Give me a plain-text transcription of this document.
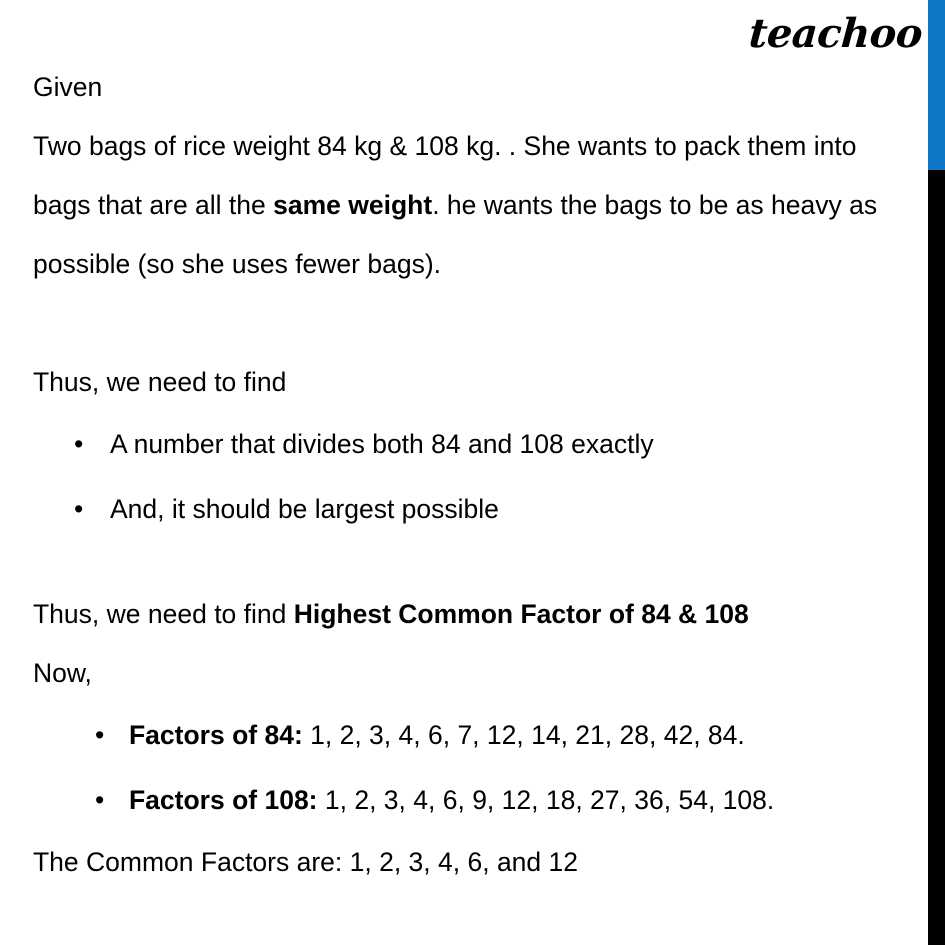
teachoo
Given
Two bags of rice weight 84 kg & 108 kg. . She wants to pack them into bags that are all the same weight. he wants the bags to be as heavy as possible (so she uses fewer bags).
Thus, we need to find
• A number that divides both 84 and 108 exactly
• And, it should be largest possible
Thus, we need to find Highest Common Factor of 84 & 108
Now,
• Factors of 84: 1, 2, 3, 4, 6, 7, 12, 14, 21, 28, 42, 84.
• Factors of 108: 1, 2, 3, 4, 6, 9, 12, 18, 27, 36, 54, 108.
The Common Factors are: 1, 2, 3, 4, 6, and 12
